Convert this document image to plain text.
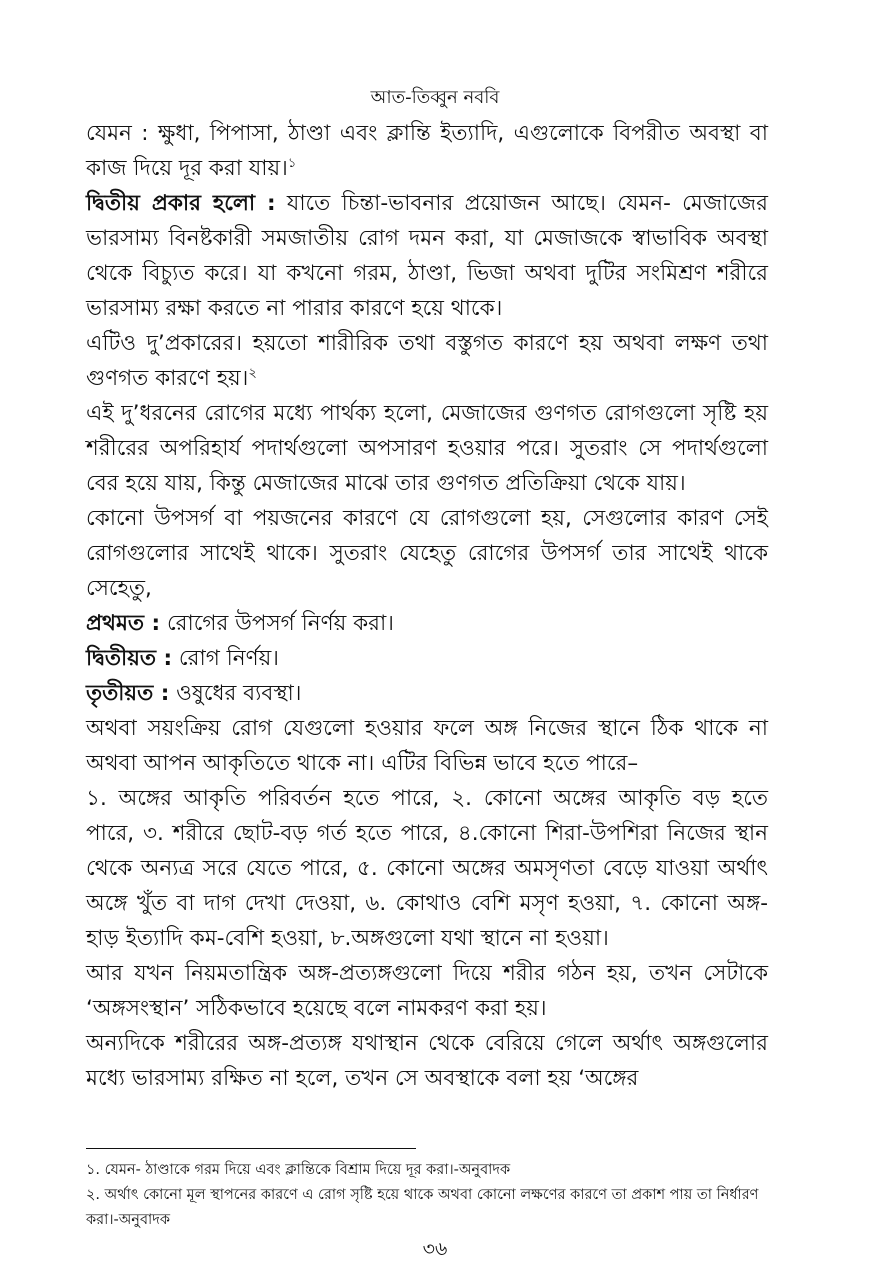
আত-তিব্বুন নববি

যেমন : ক্ষুধা, পিপাসা, ঠাণ্ডা এবং ক্লান্তি ইত্যাদি, এগুলোকে বিপরীত অবস্থা বা কাজ দিয়ে দূর করা যায়।$^১$

দ্বিতীয় প্রকার হলো : যাতে চিন্তা-ভাবনার প্রয়োজন আছে। যেমন- মেজাজের ভারসাম্য বিনষ্টকারী সমজাতীয় রোগ দমন করা, যা মেজাজকে স্বাভাবিক অবস্থা থেকে বিচ্যুত করে। যা কখনো গরম, ঠাণ্ডা, ভিজা অথবা দুটির সংমিশ্রণ শরীরে ভারসাম্য রক্ষা করতে না পারার কারণে হয়ে থাকে।

এটিও দু’প্রকারের। হয়তো শারীরিক তথা বস্তুগত কারণে হয় অথবা লক্ষণ তথা গুণগত কারণে হয়।$^২$

এই দু’ধরনের রোগের মধ্যে পার্থক্য হলো, মেজাজের গুণগত রোগগুলো সৃষ্টি হয় শরীরের অপরিহার্য পদার্থগুলো অপসারণ হওয়ার পরে। সুতরাং সে পদার্থগুলো বের হয়ে যায়, কিন্তু মেজাজের মাঝে তার গুণগত প্রতিক্রিয়া থেকে যায়।

কোনো উপসর্গ বা পয়জনের কারণে যে রোগগুলো হয়, সেগুলোর কারণ সেই রোগগুলোর সাথেই থাকে। সুতরাং যেহেতু রোগের উপসর্গ তার সাথেই থাকে সেহেতু,

প্রথমত : রোগের উপসর্গ নির্ণয় করা।

দ্বিতীয়ত : রোগ নির্ণয়।

তৃতীয়ত : ওষুধের ব্যবস্থা।

অথবা সয়ংক্রিয় রোগ যেগুলো হওয়ার ফলে অঙ্গ নিজের স্থানে ঠিক থাকে না অথবা আপন আকৃতিতে থাকে না। এটির বিভিন্ন ভাবে হতে পারে–

১. অঙ্গের আকৃতি পরিবর্তন হতে পারে, ২. কোনো অঙ্গের আকৃতি বড় হতে পারে, ৩. শরীরে ছোট-বড় গর্ত হতে পারে, ৪.কোনো শিরা-উপশিরা নিজের স্থান থেকে অন্যত্র সরে যেতে পারে, ৫. কোনো অঙ্গের অমসৃণতা বেড়ে যাওয়া অর্থাৎ অঙ্গে খুঁত বা দাগ দেখা দেওয়া, ৬. কোথাও বেশি মসৃণ হওয়া, ৭. কোনো অঙ্গ-হাড় ইত্যাদি কম-বেশি হওয়া, ৮.অঙ্গগুলো যথা স্থানে না হওয়া।

আর যখন নিয়মতান্ত্রিক অঙ্গ-প্রত্যঙ্গগুলো দিয়ে শরীর গঠন হয়, তখন সেটাকে ‘অঙ্গসংস্থান’ সঠিকভাবে হয়েছে বলে নামকরণ করা হয়।

অন্যদিকে শরীরের অঙ্গ-প্রত্যঙ্গ যথাস্থান থেকে বেরিয়ে গেলে অর্থাৎ অঙ্গগুলোর মধ্যে ভারসাম্য রক্ষিত না হলে, তখন সে অবস্থাকে বলা হয় ‘অঙ্গের

১. যেমন- ঠাণ্ডাকে গরম দিয়ে এবং ক্লান্তিকে বিশ্রাম দিয়ে দূর করা।-অনুবাদক

২. অর্থাৎ কোনো মূল স্থাপনের কারণে এ রোগ সৃষ্টি হয়ে থাকে অথবা কোনো লক্ষণের কারণে তা প্রকাশ পায় তা নির্ধারণ করা।-অনুবাদক

৩৬
